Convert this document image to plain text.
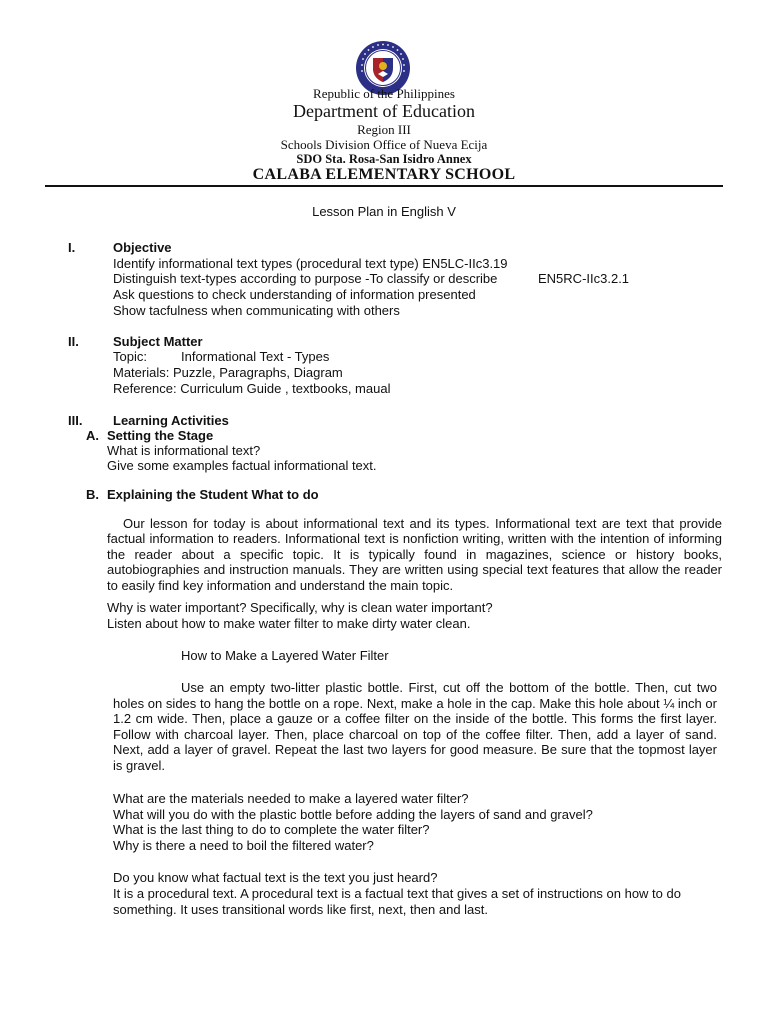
Republic of the Philippines
Department of Education
Region III
Schools Division Office of Nueva Ecija
SDO Sta. Rosa-San Isidro Annex
CALABA ELEMENTARY SCHOOL
Lesson Plan in English V
I.	Objective
Identify informational text types (procedural text type) EN5LC-IIc3.19
Distinguish text-types according to purpose -To classify or describe	EN5RC-IIc3.2.1
Ask questions to check understanding of information presented
Show tacfulness when communicating with others
II.	Subject Matter
Topic:	Informational Text - Types
Materials: Puzzle, Paragraphs, Diagram
Reference: Curriculum Guide , textbooks, maual
III. Learning Activities
A. Setting the Stage
What is informational text?
Give some examples factual informational text.
B. Explaining the Student What to do
Our lesson for today is about informational text and its types. Informational text are text that provide factual information to readers. Informational text is nonfiction writing, written with the intention of informing the reader about a specific topic. It is typically found in magazines, science or history books, autobiographies and instruction manuals. They are written using special text features that allow the reader to easily find key information and understand the main topic.
Why is water important? Specifically, why is clean water important?
Listen about how to make water filter to make dirty water clean.
How to Make a Layered Water Filter
Use an empty two-litter plastic bottle. First, cut off the bottom of the bottle. Then, cut two holes on sides to hang the bottle on a rope. Next, make a hole in the cap. Make this hole about ¼ inch or 1.2 cm wide. Then, place a gauze or a coffee filter on the inside of the bottle. This forms the first layer. Follow with charcoal layer. Then, place charcoal on top of the coffee filter. Then, add a layer of sand. Next, add a layer of gravel. Repeat the last two layers for good measure. Be sure that the topmost layer is gravel.
What are the materials needed to make a layered water filter?
What will you do with the plastic bottle before adding the layers of sand and gravel?
What is the last thing to do to complete the water filter?
Why is there a need to boil the filtered water?
Do you know what factual text is the text you just heard?
It is a procedural text. A procedural text is a factual text that gives a set of instructions on how to do something. It uses transitional words like first, next, then and last.
